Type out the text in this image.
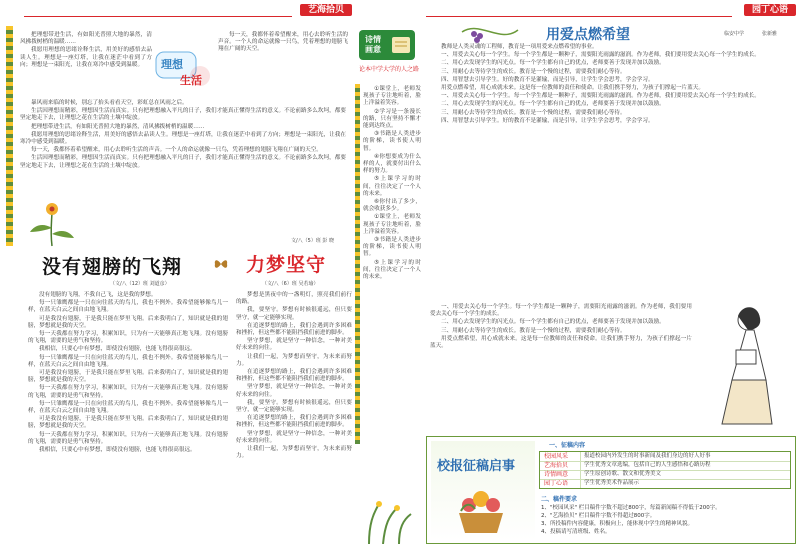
艺海拾贝
理想
生活

把理想带进生活，有如阳光普照大地的暴然，清风拂拨树梢的温暖……

我愿用理想的思绪诠释生活，用美好的感悟去品读人生。理想是一座灯塔，让我在迷茫中看到了方向；理想是一束阳光，让我在寒冷中感受到温暖。

每一天，我都怀着希望醒来，用心去聆听生活的声音。一个人的命运就像一只鸟，凭着理想的翅膀飞翔在广阔的天空。

暴风雨来临的时候，别忘了抬头看看天空，彩虹总在风雨之后。

生活因理想而精彩，理想因生活而真实。只有把理想融入平凡的日子，我们才能真正懂得生活的意义。不论前路多么坎坷，都要坚定地走下去，让理想之花在生活的土壤中绽放。

把理想带进生活，有如阳光普照大地的暴然，清风拂拨树梢的温暖……

我愿用理想的思绪诠释生活，用美好的感悟去品读人生。理想是一座灯塔，让我在迷茫中看到了方向；理想是一束阳光，让我在寒冷中感受到温暖。

每一天，我都怀着希望醒来，用心去聆听生活的声音。一个人的命运就像一只鸟，凭着理想的翅膀飞翔在广阔的天空。

生活因理想而精彩，理想因生活而真实。只有把理想融入平凡的日子，我们才能真正懂得生活的意义。不论前路多么坎坷，都要坚定地走下去，让理想之花在生活的土壤中绽放。

文/八（5）班 彭 晓
没有翅膀的飞翔
（文/八（12）班 刘道彦）

没有翅膀的飞翔，不我自己飞，这是我的梦想。

每一只雏鹰都是一只在向往蓝天的鸟儿，我也不例外。我希望能够像鸟儿一样，在蓝天白云之间自由地飞翔。

可是我没有翅膀，于是我只能在梦里飞翔。后来我明白了，知识就是我的翅膀，梦想就是我的天空。

每一天我都在努力学习，积累知识，只为有一天能够真正地飞翔。没有翅膀的飞翔，需要的是勇气和坚持。

我相信，只要心中有梦想，即使没有翅膀，也能飞得很高很远。

每一只雏鹰都是一只在向往蓝天的鸟儿，我也不例外。我希望能够像鸟儿一样，在蓝天白云之间自由地飞翔。

可是我没有翅膀，于是我只能在梦里飞翔。后来我明白了，知识就是我的翅膀，梦想就是我的天空。

每一天我都在努力学习，积累知识，只为有一天能够真正地飞翔。没有翅膀的飞翔，需要的是勇气和坚持。

每一只雏鹰都是一只在向往蓝天的鸟儿，我也不例外。我希望能够像鸟儿一样，在蓝天白云之间自由地飞翔。

可是我没有翅膀，于是我只能在梦里飞翔。后来我明白了，知识就是我的翅膀，梦想就是我的天空。

每一天我都在努力学习，积累知识，只为有一天能够真正地飞翔。没有翅膀的飞翔，需要的是勇气和坚持。

我相信，只要心中有梦想，即使没有翅膀，也能飞得很高很远。

力梦坚守
（文/八（6）班 吴若瑜）

梦想是黑夜中的一盏明灯，照亮我们前行的路。

我，要坚守。梦想有时候很遥远，但只要坚守，就一定能够实现。

在追逐梦想的路上，我们会遇到许多困难和挫折，但这些都不能阻挡我们前进的脚步。

坚守梦想，就是坚守一种信念，一种对美好未来的向往。

让我们一起，为梦想而坚守，为未来而努力。

在追逐梦想的路上，我们会遇到许多困难和挫折，但这些都不能阻挡我们前进的脚步。

坚守梦想，就是坚守一种信念，一种对美好未来的向往。

我，要坚守。梦想有时候很遥远，但只要坚守，就一定能够实现。

在追逐梦想的路上，我们会遇到许多困难和挫折，但这些都不能阻挡我们前进的脚步。

坚守梦想，就是坚守一种信念，一种对美好未来的向往。

让我们一起，为梦想而坚守，为未来而努力。

诗情画意
论本中学大学的人之路

①课堂上，老师发现孩子专注地听着，脸上洋溢着笑容。

②学习是一条漫长的路，只有坚持不懈才能到达终点。

③书籍是人类进步的阶梯，读书使人明智。

④你想要成为什么样的人，就要付出什么样的努力。

⑤上课学习的时间，往往决定了一个人的未来。

⑥你付出了多少，就会收获多少。

①课堂上，老师发现孩子专注地听着，脸上洋溢着笑容。

③书籍是人类进步的阶梯，读书使人明智。

⑤上课学习的时间，往往决定了一个人的未来。

园丁心语
用爱点燃希望	临安中学	张新雅

教师是人类灵魂的工程师，教育是一项用爱来点燃希望的事业。

一、用爱去关心每一个学生。每一个学生都是一颗种子，需要阳光雨露的滋润。作为老师，我们要用爱去关心每一个学生的成长。

二、用心去发现学生的闪光点。每一个学生都有自己的优点，老师要善于发现并加以鼓励。

三、用耐心去等待学生的成长。教育是一个慢的过程，需要我们耐心等待。

四、用智慧去引导学生。好的教育不是灌输，而是引导，让学生学会思考，学会学习。

用爱点燃希望，用心成就未来。这是每一位教师的责任和使命。让我们携手努力，为孩子们撑起一片蓝天。

一、用爱去关心每一个学生。每一个学生都是一颗种子，需要阳光雨露的滋润。作为老师，我们要用爱去关心每一个学生的成长。

二、用心去发现学生的闪光点。每一个学生都有自己的优点，老师要善于发现并加以鼓励。

三、用耐心去等待学生的成长。教育是一个慢的过程，需要我们耐心等待。

四、用智慧去引导学生。好的教育不是灌输，而是引导，让学生学会思考，学会学习。

一、用爱去关心每一个学生。每一个学生都是一颗种子，需要阳光雨露的滋润。作为老师，我们要用爱去关心每一个学生的成长。

二、用心去发现学生的闪光点。每一个学生都有自己的优点，老师要善于发现并加以鼓励。

三、用耐心去等待学生的成长。教育是一个慢的过程，需要我们耐心等待。

用爱点燃希望，用心成就未来。这是每一位教师的责任和使命。让我们携手努力，为孩子们撑起一片蓝天。

校报征稿启事
一、征稿内容
校园风采	报道校园内外发生的时事新闻及我们身边的好人好事
艺海拾贝	学生优秀文章选编，包括自己的人生感悟和心路历程
诗情画意	学生原创诗歌、散文和优秀美文
园丁心语	学生优秀美术作品展示
二、稿件要求
1、"校园风采" 栏目稿件字数不超过800字，每篇新闻稿不得低于200字。
2、"艺海拾贝" 栏目稿件字数不得超过800字。
3、所投稿件内容健康，积极向上，能体现中学生的精神风貌。
4、投稿请写清班级、姓名。
